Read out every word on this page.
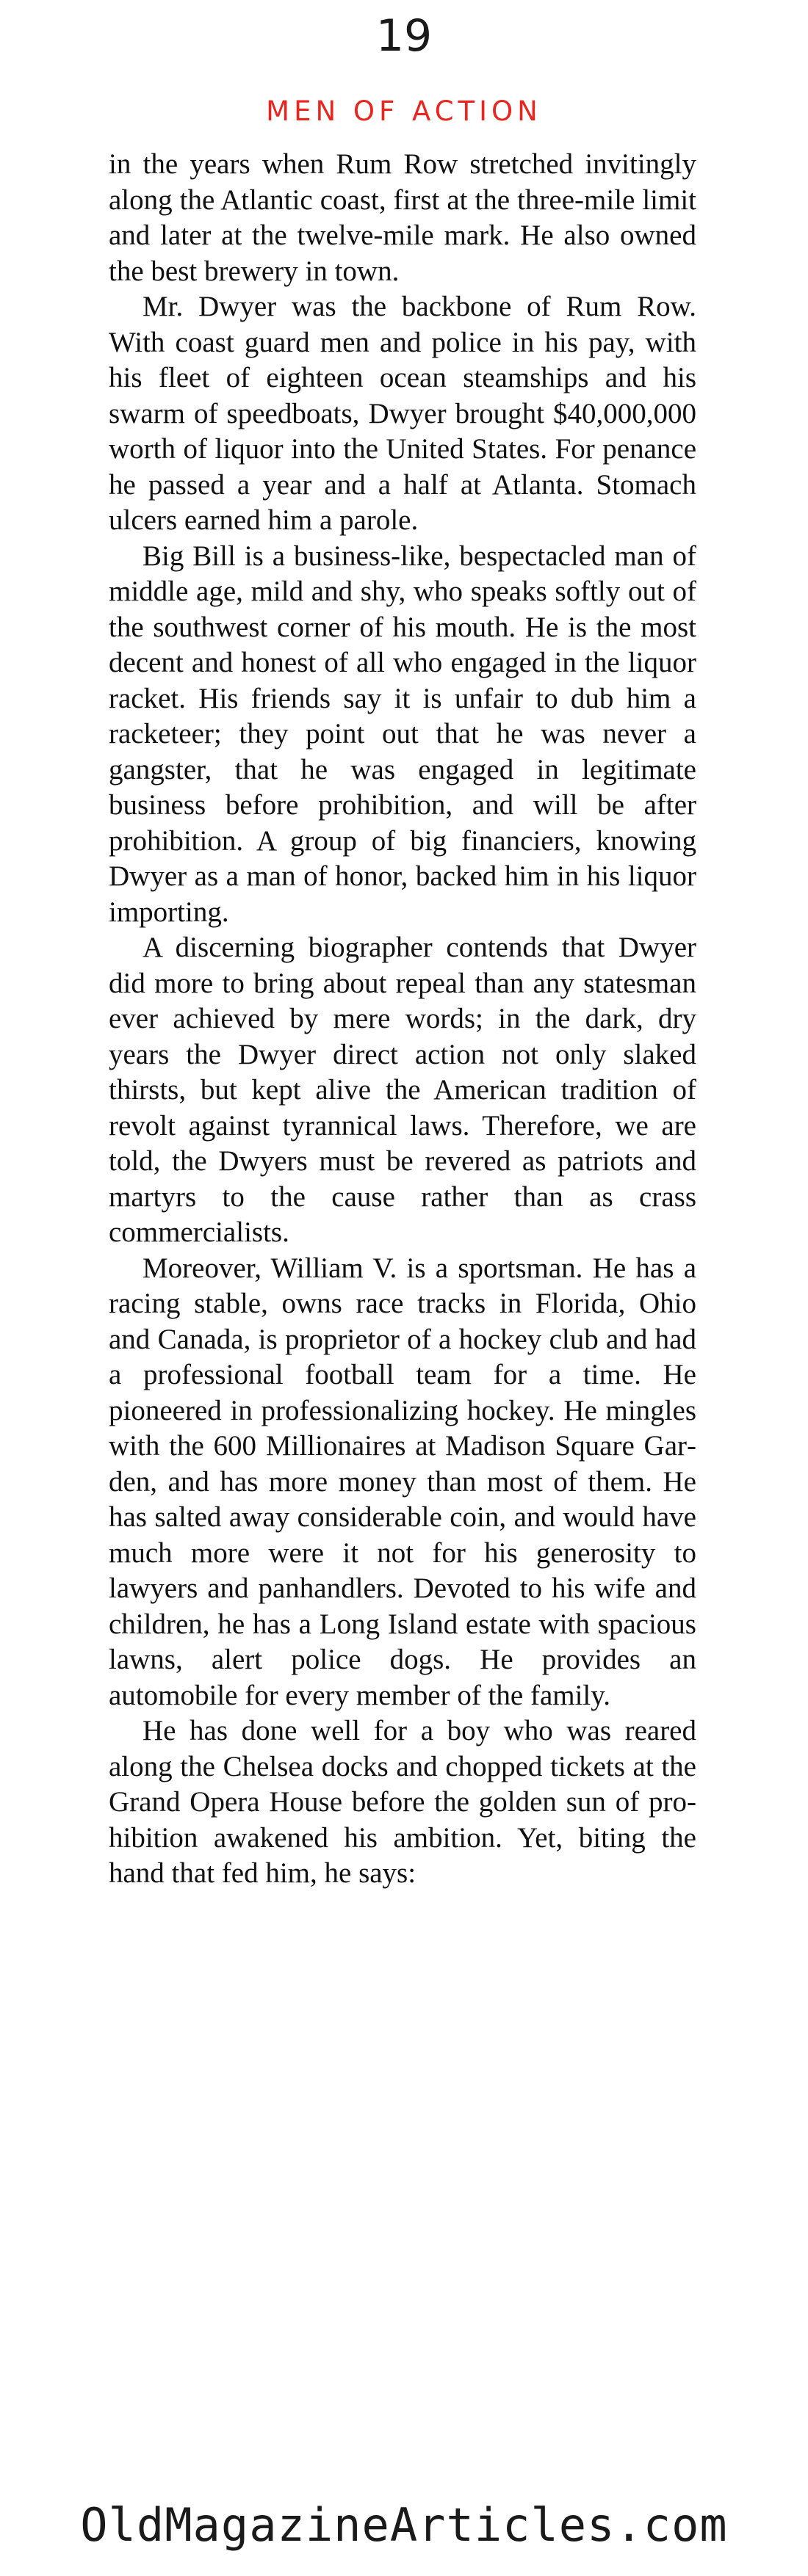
19
MEN OF ACTION

in the years when Rum Row stretched invitingly along the Atlantic coast, first at the three-mile limit and later at the twelve-mile mark. He also owned the best brewery in town.

Mr. Dwyer was the backbone of Rum Row. With coast guard men and police in his pay, with his fleet of eighteen ocean steamships and his swarm of speedboats, Dwyer brought $40,000,000 worth of liquor into the United States. For penance he passed a year and a half at Atlanta. Stomach ulcers earned him a parole.

Big Bill is a business-like, bespectacled man of middle age, mild and shy, who speaks softly out of the southwest corner of his mouth. He is the most decent and honest of all who engaged in the liquor racket. His friends say it is unfair to dub him a racketeer; they point out that he was never a gangster, that he was engaged in legitimate business before prohibition, and will be after prohibition. A group of big financiers, knowing Dwyer as a man of honor, backed him in his liquor importing.

A discerning biographer contends that Dwyer did more to bring about repeal than any statesman ever achieved by mere words; in the dark, dry years the Dwyer direct action not only slaked thirsts, but kept alive the American tradition of revolt against tyrannical laws. Therefore, we are told, the Dwyers must be revered as patriots and martyrs to the cause rather than as crass commercialists.

Moreover, William V. is a sportsman. He has a racing stable, owns race tracks in Florida, Ohio and Canada, is proprietor of a hockey club and had a professional football team for a time. He pioneered in professionalizing hockey. He mingles with the 600 Millionaires at Madison Square Garden, and has more money than most of them. He has salted away considerable coin, and would have much more were it not for his generosity to lawyers and panhandlers. Devoted to his wife and children, he has a Long Island estate with spacious lawns, alert police dogs. He provides an automobile for every member of the family.

He has done well for a boy who was reared along the Chelsea docks and chopped tickets at the Grand Opera House before the golden sun of prohibition awakened his ambition. Yet, biting the hand that fed him, he says:

OldMagazineArticles.com
